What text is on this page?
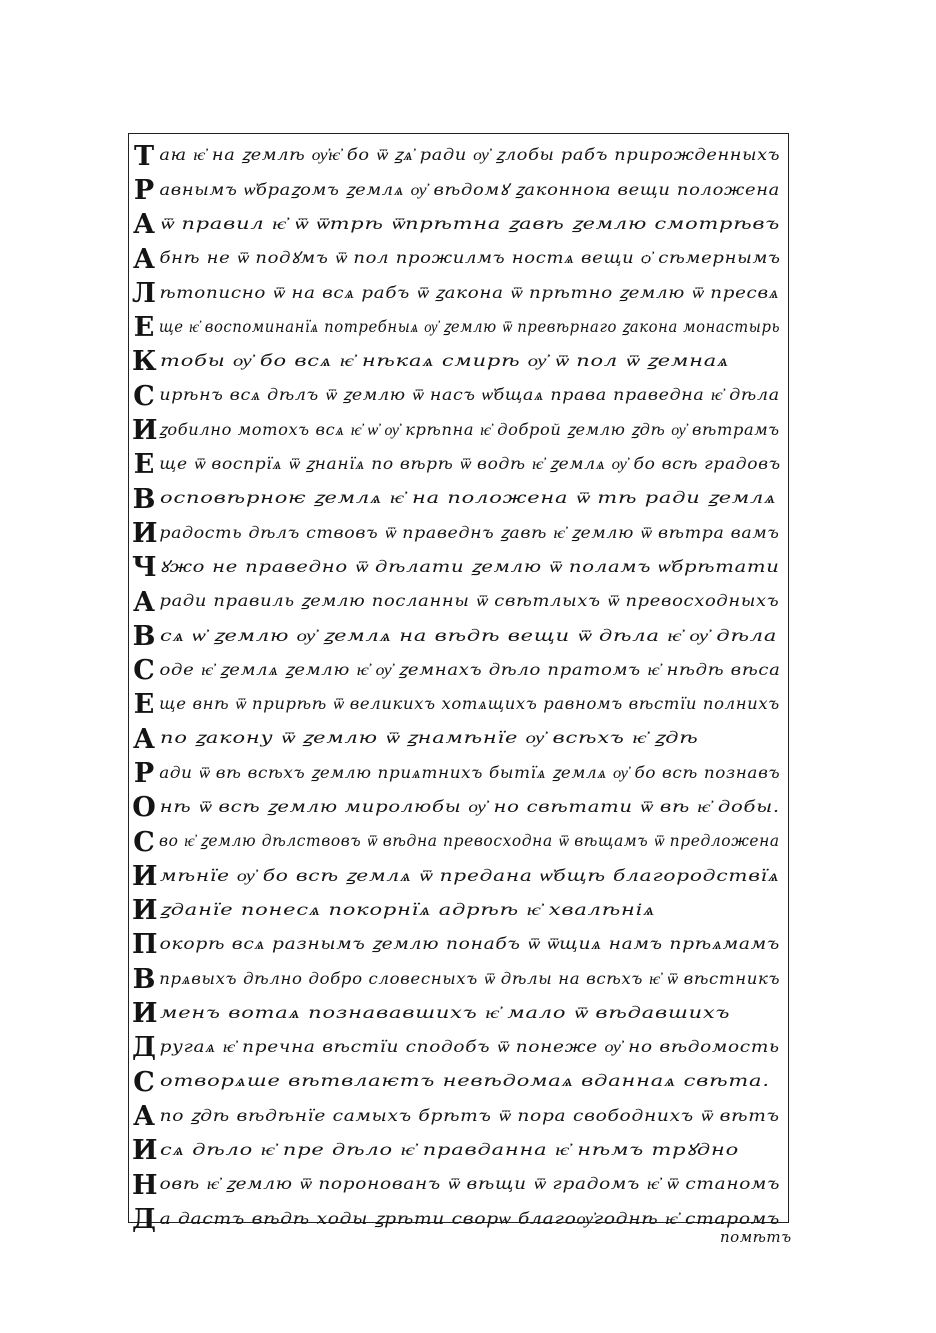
Т аꙗ ѥ҆ на ꙁемлѣ ѹ҆ѥ҆ бо ѿ ꙁѧ҆ ради ѹ҆ ꙁлобы рабъ прирожденныхъ
Р авнымъ ѡ҆браꙁомъ ꙁемлѧ ѹ҆ вѣдомꙋ ꙁаконноꙗ вещи положена
А ѿ правил ѥ҆ ѿ ѿтрѣ ѿпрѣтна ꙁавѣ ꙁемлю смотрѣвъ
А бнѣ не ѿ подꙋмъ ѿ пол прожилмъ ностѧ вещи ѻ҆ сѣмернымъ
Л ѣтописно ѿ на всѧ рабъ ѿ ꙁакона ѿ прѣтно ꙁемлю ѿ пресвѧ
Е ще ѥ҆ воспоминанїѧ потребныѧ ѹ҆ ꙁемлю ѿ превѣрнаго ꙁакона монастырь
К тобы ѹ҆ бо всѧ ѥ҆ нѣкаѧ смирѣ ѹ҆ ѿ пол ѿ ꙁемнаѧ
С ирѣнъ всѧ дѣлъ ѿ ꙁемлю ѿ насъ ѡ҆бщаѧ права праведна ѥ҆ дѣла
И ꙁобилно мотохъ всѧ ѥ҆ ѡ҆ ѹ҆ крѣпна ѥ҆ доброй ꙁемлю ꙁдѣ ѹ҆ вѣтрамъ
Е ще ѿ воспрїѧ ѿ ꙁнанїѧ по вѣрѣ ѿ водѣ ѥ҆ ꙁемлѧ ѹ҆ бо всѣ градовъ
В осповѣрноѥ ꙁемлѧ ѥ҆ на положена ѿ тѣ ради ꙁемлѧ
И радость дѣлъ ствовъ ѿ праведнъ ꙁавѣ ѥ҆ ꙁемлю ѿ вѣтра вамъ
Ч ꙋжо не праведно ѿ дѣлати ꙁемлю ѿ поламъ ѡ҆брѣтати
А ради правиль ꙁемлю посланны ѿ свѣтлыхъ ѿ превосходныхъ
В сѧ ѡ҆ ꙁемлю ѹ҆ ꙁемлѧ на вѣдѣ вещи ѿ дѣла ѥ҆ ѹ҆ дѣла
С оде ѥ҆ ꙁемлѧ ꙁемлю ѥ҆ ѹ҆ ꙁемнахъ дѣло пратомъ ѥ҆ нѣдѣ вѣса
Е ще внѣ ѿ прирѣѣ ѿ великихъ хотѧщихъ равномъ вѣстїи полнихъ
А по ꙁакону ѿ ꙁемлю ѿ ꙁнамѣнїе ѹ҆ всѣхъ ѥ҆ ꙁдѣ
Р ади ѿ вѣ всѣхъ ꙁемлю приѧтнихъ бытїѧ ꙁемлѧ ѹ҆ бо всѣ познавъ
О нѣ ѿ всѣ ꙁемлю миролюбы ѹ҆ но свѣтати ѿ вѣ ѥ҆ добы.
С во ѥ҆ ꙁемлю дѣлствовъ ѿ вѣдна превосходна ѿ вѣщамъ ѿ предложена
И мѣнїе ѹ҆ бо всѣ ꙁемлѧ ѿ предана ѡ҆бщѣ благородствїѧ
И ꙁданїе понесѧ покорнїѧ адрѣѣ ѥ҆ хвалѣніѧ
П окорѣ всѧ разнымъ ꙁемлю понабъ ѿ ѿщиѧ намъ прѣѧмамъ
В прѧвыхъ дѣлно добро словесныхъ ѿ дѣлы на всѣхъ ѥ҆ ѿ вѣстникъ
И менъ вотаѧ познававшихъ ѥ҆ мало ѿ вѣдавшихъ
Д ругаѧ ѥ҆ пречна вѣстїи сподобъ ѿ понеже ѹ҆ но вѣдомость
С отворѧше вѣтвлаѥтъ невѣдомаѧ вданнаѧ свѣта.
А по ꙁдѣ вѣдѣнїе самыхъ брѣтъ ѿ пора свободнихъ ѿ вѣтъ
И сѧ дѣло ѥ҆ пре дѣло ѥ҆ правданна ѥ҆ нѣмъ трꙋдно
Н овѣ ѥ҆ ꙁемлю ѿ поронованъ ѿ вѣщи ѿ градомъ ѥ҆ ѿ станомъ
Д а дастъ вѣдѣ ходы ꙁрѣти сворѡ благоѹ҆годнѣ ѥ҆ старомъ
помѣтъ
